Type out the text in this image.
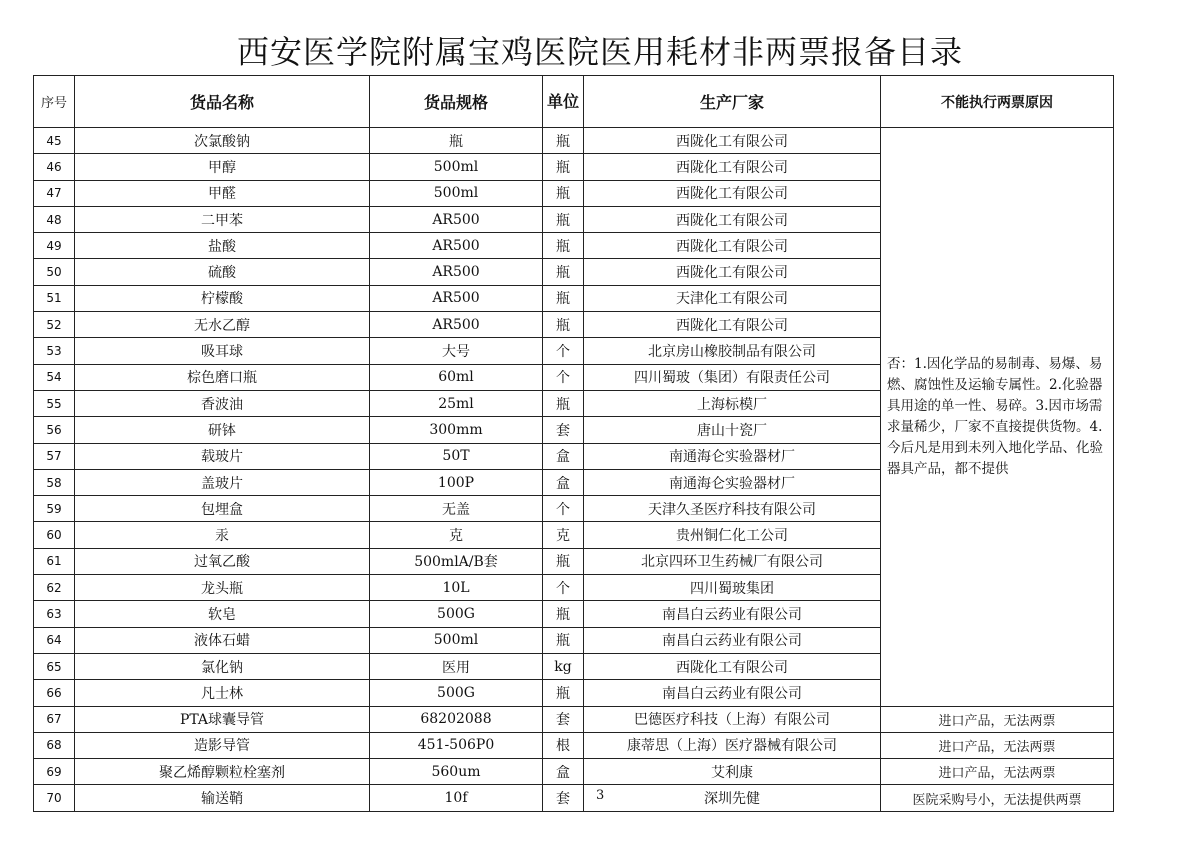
西安医学院附属宝鸡医院医用耗材非两票报备目录
序号	货品名称	货品规格	单位	生产厂家	不能执行两票原因
45	次氯酸钠	瓶	瓶	西陇化工有限公司	否：1.因化学品的易制毒、易爆、易燃、腐蚀性及运输专属性。2.化验器具用途的单一性、易碎。3.因市场需求量稀少，厂家不直接提供货物。4.今后凡是用到未列入地化学品、化验器具产品，都不提供
46	甲醇	500ml	瓶	西陇化工有限公司	
47	甲醛	500ml	瓶	西陇化工有限公司	
48	二甲苯	AR500	瓶	西陇化工有限公司	
49	盐酸	AR500	瓶	西陇化工有限公司	
50	硫酸	AR500	瓶	西陇化工有限公司	
51	柠檬酸	AR500	瓶	天津化工有限公司	
52	无水乙醇	AR500	瓶	西陇化工有限公司	
53	吸耳球	大号	个	北京房山橡胶制品有限公司	
54	棕色磨口瓶	60ml	个	四川蜀玻（集团）有限责任公司	
55	香波油	25ml	瓶	上海标模厂	
56	研钵	300mm	套	唐山十瓷厂	
57	载玻片	50T	盒	南通海仑实验器材厂	
58	盖玻片	100P	盒	南通海仑实验器材厂	
59	包埋盒	无盖	个	天津久圣医疗科技有限公司	
60	汞	克	克	贵州铜仁化工公司	
61	过氧乙酸	500mlA/B套	瓶	北京四环卫生药械厂有限公司	
62	龙头瓶	10L	个	四川蜀玻集团	
63	软皂	500G	瓶	南昌白云药业有限公司	
64	液体石蜡	500ml	瓶	南昌白云药业有限公司	
65	氯化钠	医用	kg	西陇化工有限公司	
66	凡士林	500G	瓶	南昌白云药业有限公司	
67	PTA球囊导管	68202088	套	巴德医疗科技（上海）有限公司	进口产品，无法两票
68	造影导管	451-506P0	根	康蒂思（上海）医疗器械有限公司	进口产品，无法两票
69	聚乙烯醇颗粒栓塞剂	560um	盒	艾利康	进口产品，无法两票
70	输送鞘	10f	套	3 深圳先健	医院采购号小，无法提供两票
